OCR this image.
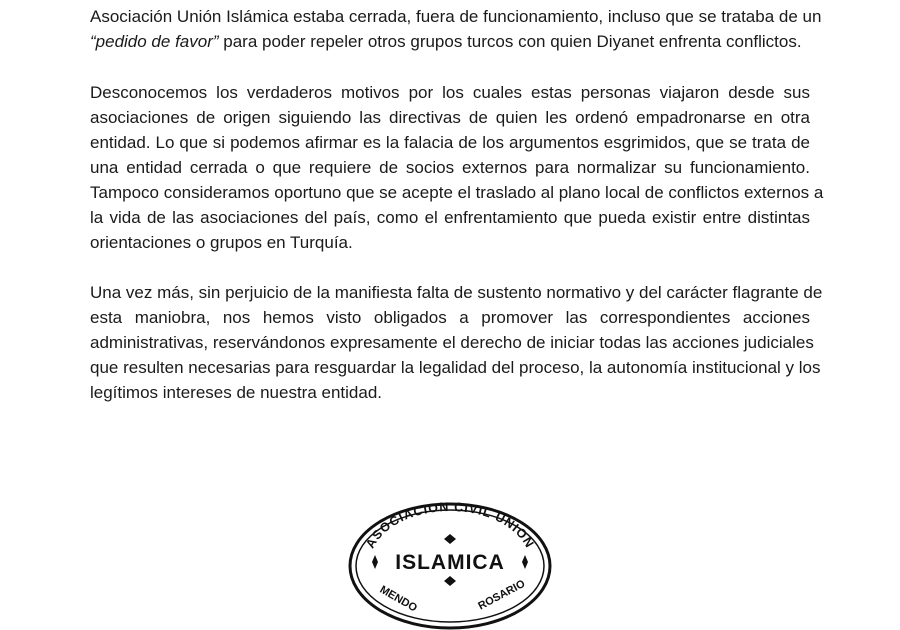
Asociación Unión Islámica estaba cerrada, fuera de funcionamiento, incluso que se trataba de un
“pedido de favor” para poder repeler otros grupos turcos con quien Diyanet enfrenta conflictos.

Desconocemos los verdaderos motivos por los cuales estas personas viajaron desde sus
asociaciones de origen siguiendo las directivas de quien les ordenó empadronarse en otra
entidad. Lo que si podemos afirmar es la falacia de los argumentos esgrimidos, que se trata de
una entidad cerrada o que requiere de socios externos para normalizar su funcionamiento.
Tampoco consideramos oportuno que se acepte el traslado al plano local de conflictos externos a
la vida de las asociaciones del país, como el enfrentamiento que pueda existir entre distintas
orientaciones o grupos en Turquía.

Una vez más, sin perjuicio de la manifiesta falta de sustento normativo y del carácter flagrante de
esta maniobra, nos hemos visto obligados a promover las correspondientes acciones
administrativas, reservándonos expresamente el derecho de iniciar todas las acciones judiciales
que resulten necesarias para resguardar la legalidad del proceso, la autonomía institucional y los
legítimos intereses de nuestra entidad.

ASOCIACION CIVIL UNION
ISLAMICA
MENDO	ROSARIO
